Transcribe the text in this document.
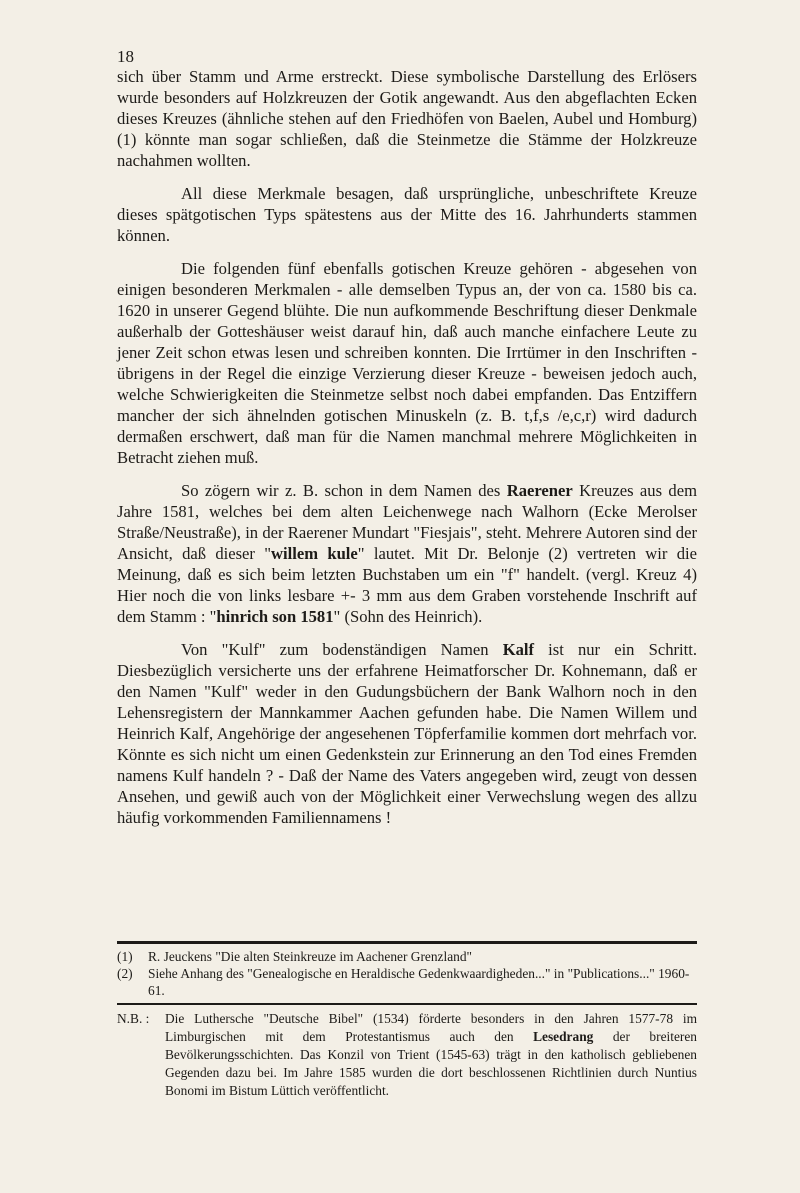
18

sich über Stamm und Arme erstreckt. Diese symbolische Darstellung des Erlösers wurde besonders auf Holzkreuzen der Gotik angewandt. Aus den abgeflachten Ecken dieses Kreuzes (ähnliche stehen auf den Friedhöfen von Baelen, Aubel und Homburg) (1) könnte man sogar schließen, daß die Steinmetze die Stämme der Holzkreuze nachahmen wollten.

All diese Merkmale besagen, daß ursprüngliche, unbeschriftete Kreuze dieses spätgotischen Typs spätestens aus der Mitte des 16. Jahrhunderts stammen können.

Die folgenden fünf ebenfalls gotischen Kreuze gehören - abgesehen von einigen besonderen Merkmalen - alle demselben Typus an, der von ca. 1580 bis ca. 1620 in unserer Gegend blühte. Die nun aufkommende Beschriftung dieser Denkmale außerhalb der Gotteshäuser weist darauf hin, daß auch manche einfachere Leute zu jener Zeit schon etwas lesen und schreiben konnten. Die Irrtümer in den Inschriften - übrigens in der Regel die einzige Verzierung dieser Kreuze - beweisen jedoch auch, welche Schwierigkeiten die Steinmetze selbst noch dabei empfanden. Das Entziffern mancher der sich ähnelnden gotischen Minuskeln (z. B. t,f,s /e,c,r) wird dadurch dermaßen erschwert, daß man für die Namen manchmal mehrere Möglichkeiten in Betracht ziehen muß.

So zögern wir z. B. schon in dem Namen des Raerener Kreuzes aus dem Jahre 1581, welches bei dem alten Leichenwege nach Walhorn (Ecke Merolser Straße/Neustraße), in der Raerener Mundart "Fiesjais", steht. Mehrere Autoren sind der Ansicht, daß dieser "willem kule" lautet. Mit Dr. Belonje (2) vertreten wir die Meinung, daß es sich beim letzten Buchstaben um ein "f" handelt. (vergl. Kreuz 4) Hier noch die von links lesbare +- 3 mm aus dem Graben vorstehende Inschrift auf dem Stamm : "hinrich son 1581" (Sohn des Heinrich).

Von "Kulf" zum bodenständigen Namen Kalf ist nur ein Schritt. Diesbezüglich versicherte uns der erfahrene Heimatforscher Dr. Kohnemann, daß er den Namen "Kulf" weder in den Gudungsbüchern der Bank Walhorn noch in den Lehensregistern der Mannkammer Aachen gefunden habe. Die Namen Willem und Heinrich Kalf, Angehörige der angesehenen Töpferfamilie kommen dort mehrfach vor. Könnte es sich nicht um einen Gedenkstein zur Erinnerung an den Tod eines Fremden namens Kulf handeln ? - Daß der Name des Vaters angegeben wird, zeugt von dessen Ansehen, und gewiß auch von der Möglichkeit einer Verwechslung wegen des allzu häufig vorkommenden Familiennamens !

(1)	R. Jeuckens "Die alten Steinkreuze im Aachener Grenzland"
(2)	Siehe Anhang des "Genealogische en Heraldische Gedenkwaardigheden..." in "Publications..." 1960-61.
N.B. :	Die Luthersche "Deutsche Bibel" (1534) förderte besonders in den Jahren 1577-78 im Limburgischen mit dem Protestantismus auch den Lesedrang der breiteren Bevölkerungsschichten. Das Konzil von Trient (1545-63) trägt in den katholisch gebliebenen Gegenden dazu bei. Im Jahre 1585 wurden die dort beschlossenen Richtlinien durch Nuntius Bonomi im Bistum Lüttich veröffentlicht.
